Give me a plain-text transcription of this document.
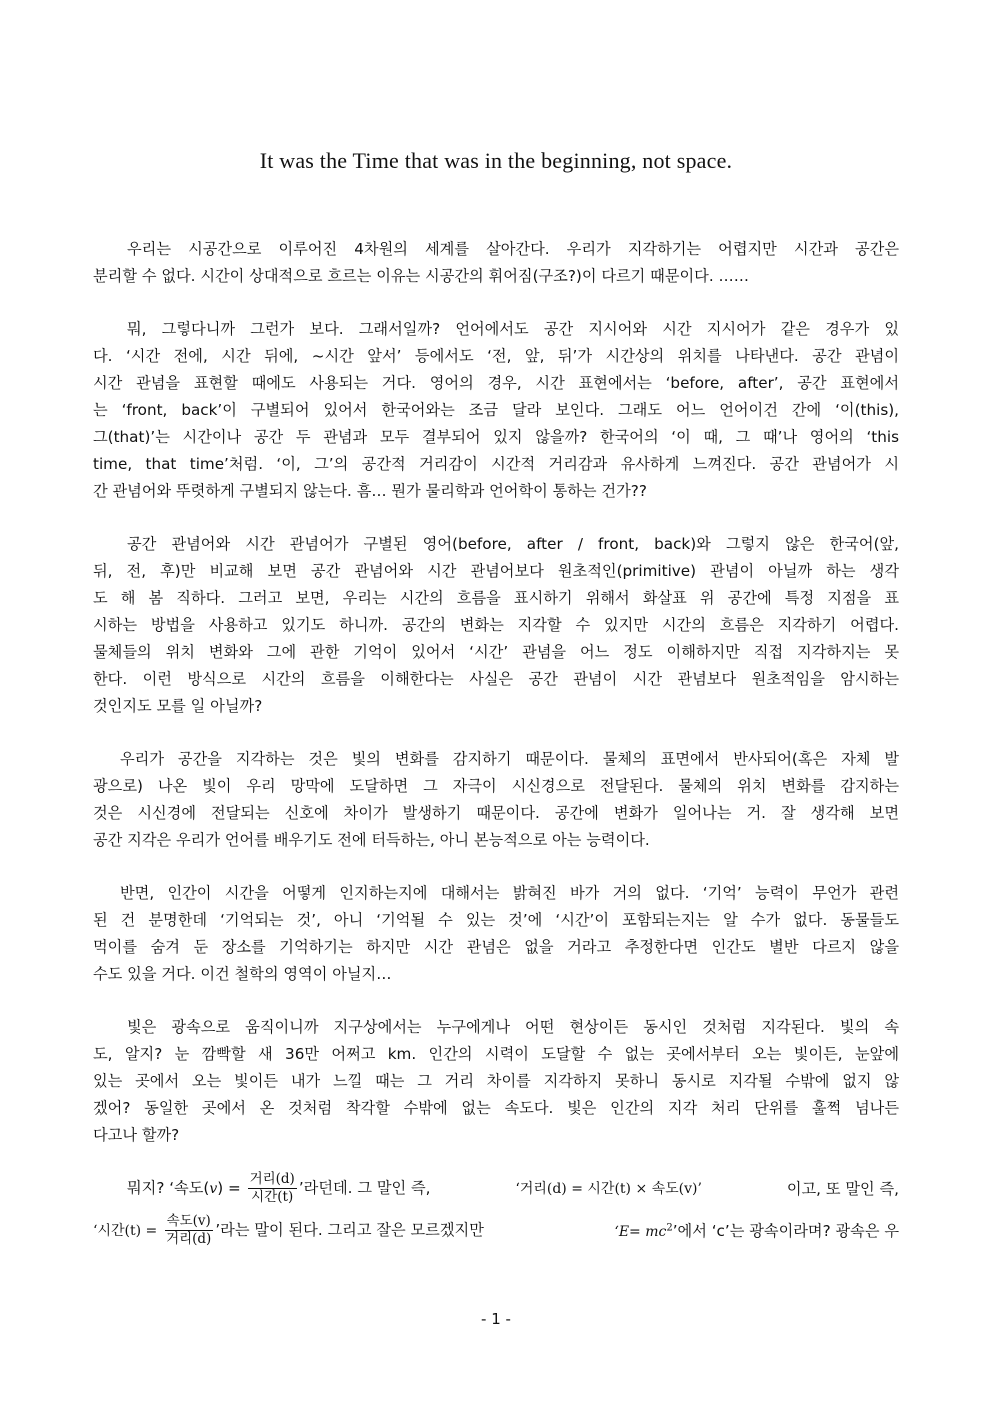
It was the Time that was in the beginning, not space.
우리는 시공간으로 이루어진 4차원의 세계를 살아간다. 우리가 지각하기는 어렵지만 시간과 공간은
분리할 수 없다. 시간이 상대적으로 흐르는 이유는 시공간의 휘어짐(구조?)이 다르기 때문이다. ……
뭐, 그렇다니까 그런가 보다. 그래서일까? 언어에서도 공간 지시어와 시간 지시어가 같은 경우가 있
다. ‘시간 전에, 시간 뒤에, ~시간 앞서’ 등에서도 ‘전, 앞, 뒤’가 시간상의 위치를 나타낸다. 공간 관념이
시간 관념을 표현할 때에도 사용되는 거다. 영어의 경우, 시간 표현에서는 ‘before, after’, 공간 표현에서
는 ‘front, back’이 구별되어 있어서 한국어와는 조금 달라 보인다. 그래도 어느 언어이건 간에 ‘이(this),
그(that)’는 시간이나 공간 두 관념과 모두 결부되어 있지 않을까? 한국어의 ‘이 때, 그 때’나 영어의 ‘this
time, that time’처럼. ‘이, 그’의 공간적 거리감이 시간적 거리감과 유사하게 느껴진다. 공간 관념어가 시
간 관념어와 뚜렷하게 구별되지 않는다. 흠… 뭔가 물리학과 언어학이 통하는 건가??
공간 관념어와 시간 관념어가 구별된 영어(before, after / front, back)와 그렇지 않은 한국어(앞,
뒤, 전, 후)만 비교해 보면 공간 관념어와 시간 관념어보다 원초적인(primitive) 관념이 아닐까 하는 생각
도 해 봄 직하다. 그러고 보면, 우리는 시간의 흐름을 표시하기 위해서 화살표 위 공간에 특정 지점을 표
시하는 방법을 사용하고 있기도 하니까. 공간의 변화는 지각할 수 있지만 시간의 흐름은 지각하기 어렵다.
물체들의 위치 변화와 그에 관한 기억이 있어서 ‘시간’ 관념을 어느 정도 이해하지만 직접 지각하지는 못
한다. 이런 방식으로 시간의 흐름을 이해한다는 사실은 공간 관념이 시간 관념보다 원초적임을 암시하는
것인지도 모를 일 아닐까?
우리가 공간을 지각하는 것은 빛의 변화를 감지하기 때문이다. 물체의 표면에서 반사되어(혹은 자체 발
광으로) 나온 빛이 우리 망막에 도달하면 그 자극이 시신경으로 전달된다. 물체의 위치 변화를 감지하는
것은 시신경에 전달되는 신호에 차이가 발생하기 때문이다. 공간에 변화가 일어나는 거. 잘 생각해 보면
공간 지각은 우리가 언어를 배우기도 전에 터득하는, 아니 본능적으로 아는 능력이다.
반면, 인간이 시간을 어떻게 인지하는지에 대해서는 밝혀진 바가 거의 없다. ‘기억’ 능력이 무언가 관련
된 건 분명한데 ‘기억되는 것’, 아니 ‘기억될 수 있는 것’에 ‘시간’이 포함되는지는 알 수가 없다. 동물들도
먹이를 숨겨 둔 장소를 기억하기는 하지만 시간 관념은 없을 거라고 추정한다면 인간도 별반 다르지 않을
수도 있을 거다. 이건 철학의 영역이 아닐지…
빛은 광속으로 움직이니까 지구상에서는 누구에게나 어떤 현상이든 동시인 것처럼 지각된다. 빛의 속
도, 알지? 눈 깜빡할 새 36만 어쩌고 km. 인간의 시력이 도달할 수 없는 곳에서부터 오는 빛이든, 눈앞에
있는 곳에서 오는 빛이든 내가 느낄 때는 그 거리 차이를 지각하지 못하니 동시로 지각될 수밖에 없지 않
겠어? 동일한 곳에서 온 것처럼 착각할 수밖에 없는 속도다. 빛은 인간의 지각 처리 단위를 훌쩍 넘나든
다고나 할까?
뭐지? ‘속도$(v) = \frac{\text{거리(d)}}{\text{시간(t)}}$ ’라던데. 그 말인 즉,	‘거리(d) = 시간(t) × 속도(v)’	이고, 또 말인 즉,
‘시간$(t) = \frac{\text{속도(v)}}{\text{거리(d)}}$ ’라는 말이 된다. 그리고 잘은 모르겠지만	‘$E= mc^2$’에서 ‘c’는 광속이라며? 광속은 우
- 1 -
